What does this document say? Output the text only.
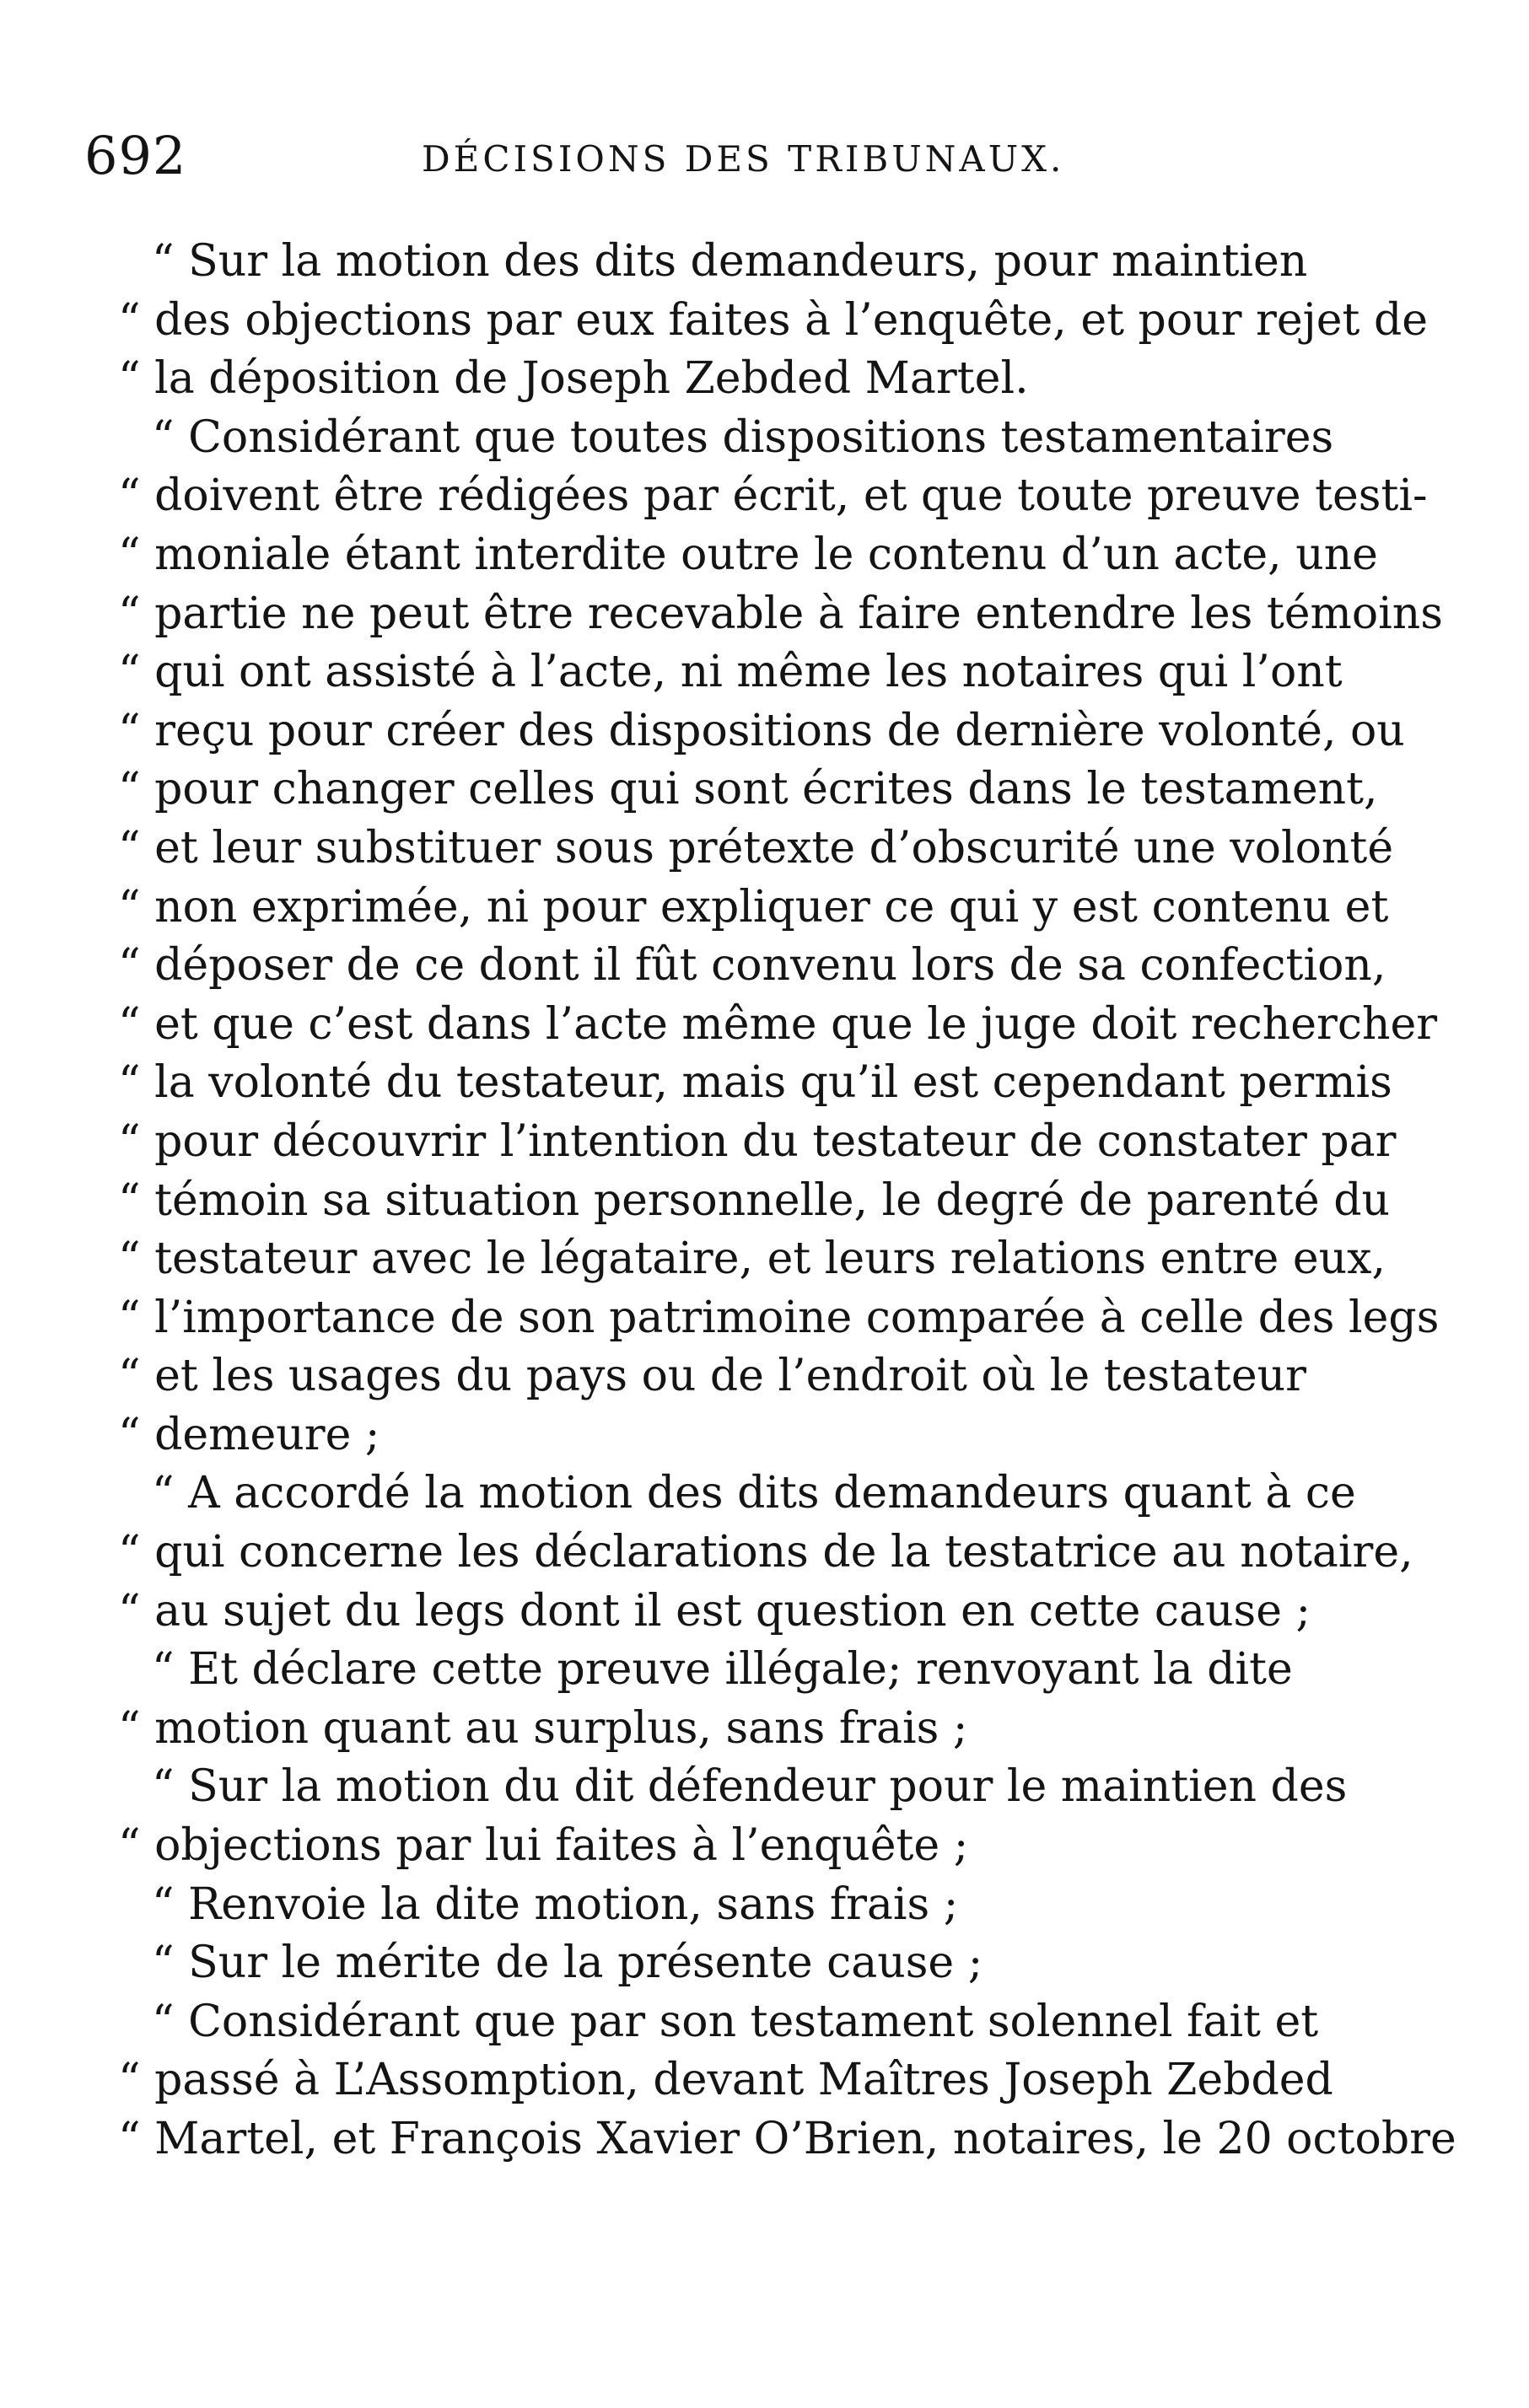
692	DÉCISIONS DES TRIBUNAUX.
“ Sur la motion des dits demandeurs, pour maintien
“ des objections par eux faites à l’enquête, et pour rejet de
“ la déposition de Joseph Zebded Martel.
“ Considérant que toutes dispositions testamentaires
“ doivent être rédigées par écrit, et que toute preuve testi-
“ moniale étant interdite outre le contenu d’un acte, une
“ partie ne peut être recevable à faire entendre les témoins
“ qui ont assisté à l’acte, ni même les notaires qui l’ont
“ reçu pour créer des dispositions de dernière volonté, ou
“ pour changer celles qui sont écrites dans le testament,
“ et leur substituer sous prétexte d’obscurité une volonté
“ non exprimée, ni pour expliquer ce qui y est contenu et
“ déposer de ce dont il fût convenu lors de sa confection,
“ et que c’est dans l’acte même que le juge doit rechercher
“ la volonté du testateur, mais qu’il est cependant permis
“ pour découvrir l’intention du testateur de constater par
“ témoin sa situation personnelle, le degré de parenté du
“ testateur avec le légataire, et leurs relations entre eux,
“ l’importance de son patrimoine comparée à celle des legs
“ et les usages du pays ou de l’endroit où le testateur
“ demeure ;
“ A accordé la motion des dits demandeurs quant à ce
“ qui concerne les déclarations de la testatrice au notaire,
“ au sujet du legs dont il est question en cette cause ;
“ Et déclare cette preuve illégale; renvoyant la dite
“ motion quant au surplus, sans frais ;
“ Sur la motion du dit défendeur pour le maintien des
“ objections par lui faites à l’enquête ;
“ Renvoie la dite motion, sans frais ;
“ Sur le mérite de la présente cause ;
“ Considérant que par son testament solennel fait et
“ passé à L’Assomption, devant Maîtres Joseph Zebded
“ Martel, et François Xavier O’Brien, notaires, le 20 octobre
